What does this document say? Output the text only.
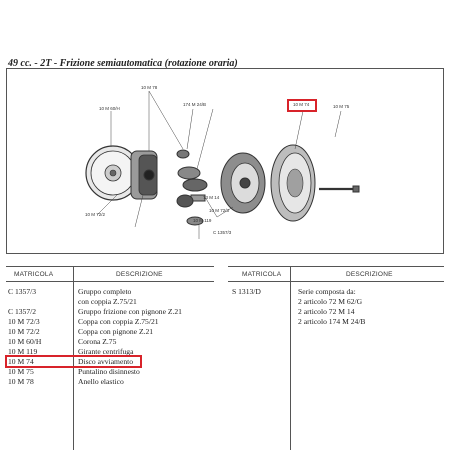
49 cc. - 2T - Frizione semiautomatica (rotazione oraria)
10 M 60/H
10 M 78
174 M 24/B	10 M 74	10 M 75
10 M 72/3
73 M 14
10 M 72/2
10 M 119
C 1357/3
MATRICOLA	DESCRIZIONE
C 1357/3	Gruppo completo
con coppia Z.75/21
C 1357/2	Gruppo frizione con pignone Z.21
10 M 72/3	Coppa con coppia Z.75/21
10 M 72/2	Coppa con pignone Z.21
10 M 60/H	Corona Z.75
10 M 119	Girante centrifuga
10 M 74	Disco avviamento
10 M 75	Puntalino disinnesto
10 M 78	Anello elastico
MATRICOLA	DESCRIZIONE
S 1313/D	Serie composta da:
2 articolo 72 M 62/G
2 articolo 72 M 14
2 articolo 174 M 24/B
